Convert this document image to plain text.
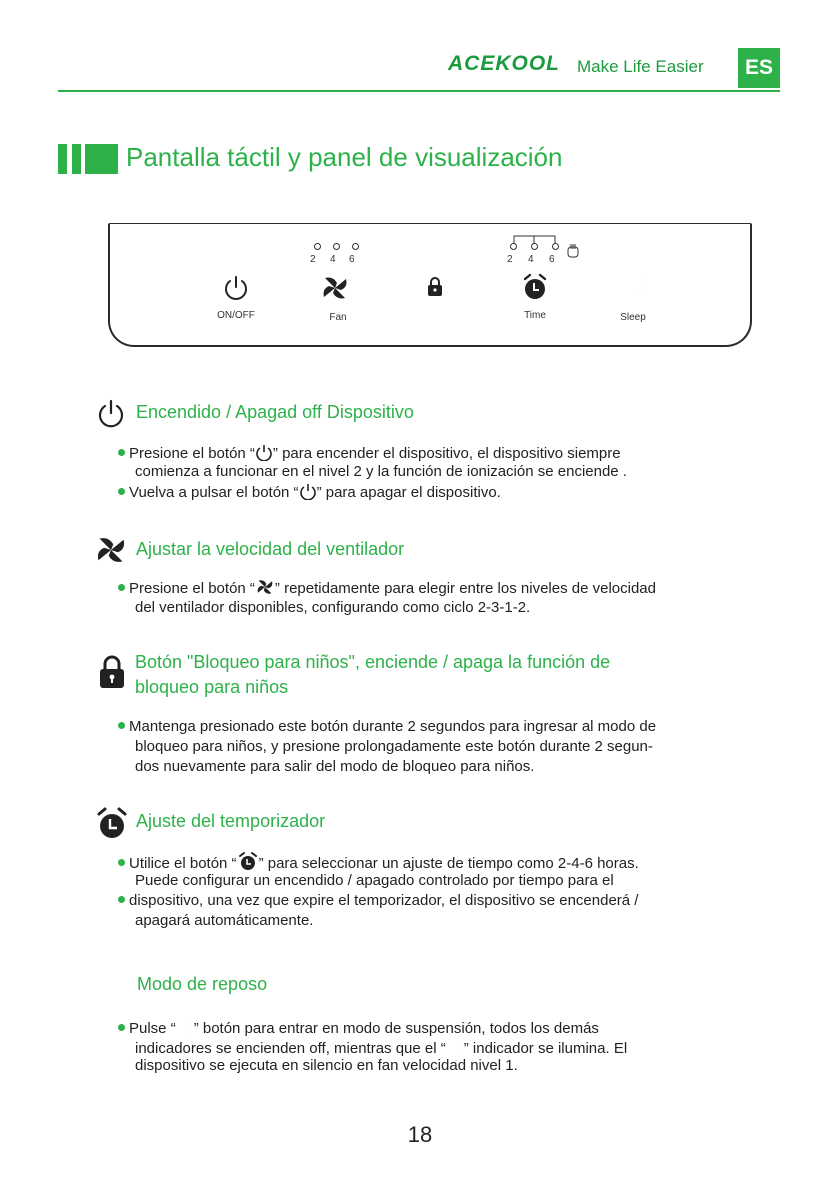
ACEKOOL Make Life Easier	ES
Pantalla táctil y panel de visualización
2 4 6	2 4 6
ON/OFF	Fan	Time	Sleep
Encendido / Apagad off Dispositivo
Presione el botón “ ” para encender el dispositivo, el dispositivo siempre
comienza a funcionar en el nivel 2 y la función de ionización se enciende .
Vuelva a pulsar el botón “ ” para apagar el dispositivo.
Ajustar la velocidad del ventilador
Presione el botón “ ” repetidamente para elegir entre los niveles de velocidad
del ventilador disponibles, configurando como ciclo 2-3-1-2.
Botón "Bloqueo para niños", enciende / apaga la función de
bloqueo para niños
Mantenga presionado este botón durante 2 segundos para ingresar al modo de
bloqueo para niños, y presione prolongadamente este botón durante 2 segun-
dos nuevamente para salir del modo de bloqueo para niños.
Ajuste del temporizador
Utilice el botón “ ” para seleccionar un ajuste de tiempo como 2-4-6 horas.
Puede configurar un encendido / apagado controlado por tiempo para el
dispositivo, una vez que expire el temporizador, el dispositivo se encenderá /
apagará automáticamente.
Modo de reposo
Pulse “ ” botón para entrar en modo de suspensión, todos los demás
indicadores se encienden off, mientras que el “ ” indicador se ilumina. El
dispositivo se ejecuta en silencio en fan velocidad nivel 1.
18
